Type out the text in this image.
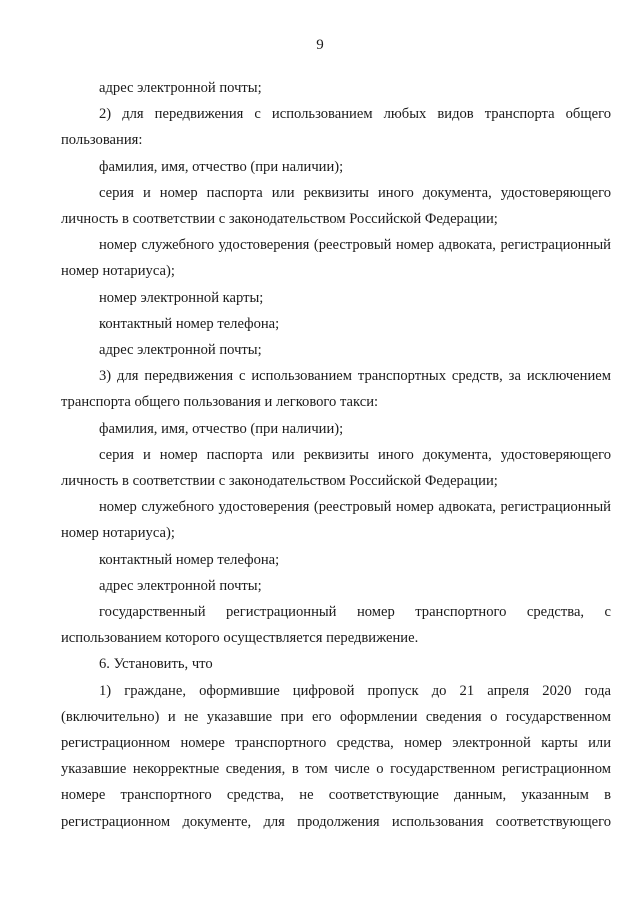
9

адрес электронной почты;

2) для передвижения с использованием любых видов транспорта общего пользования:

фамилия, имя, отчество (при наличии);

серия и номер паспорта или реквизиты иного документа, удостоверяющего личность в соответствии с законодательством Российской Федерации;

номер служебного удостоверения (реестровый номер адвоката, регистрационный номер нотариуса);

номер электронной карты;

контактный номер телефона;

адрес электронной почты;

3) для передвижения с использованием транспортных средств, за исключением транспорта общего пользования и легкового такси:

фамилия, имя, отчество (при наличии);

серия и номер паспорта или реквизиты иного документа, удостоверяющего личность в соответствии с законодательством Российской Федерации;

номер служебного удостоверения (реестровый номер адвоката, регистрационный номер нотариуса);

контактный номер телефона;

адрес электронной почты;

государственный регистрационный номер транспортного средства, с использованием которого осуществляется передвижение.

6. Установить, что

1) граждане, оформившие цифровой пропуск до 21 апреля 2020 года (включительно) и не указавшие при его оформлении сведения о государственном регистрационном номере транспортного средства, номер электронной карты или указавшие некорректные сведения, в том числе о государственном регистрационном номере транспортного средства, не соответствующие данным, указанным в регистрационном документе, для продолжения использования соответствующего
